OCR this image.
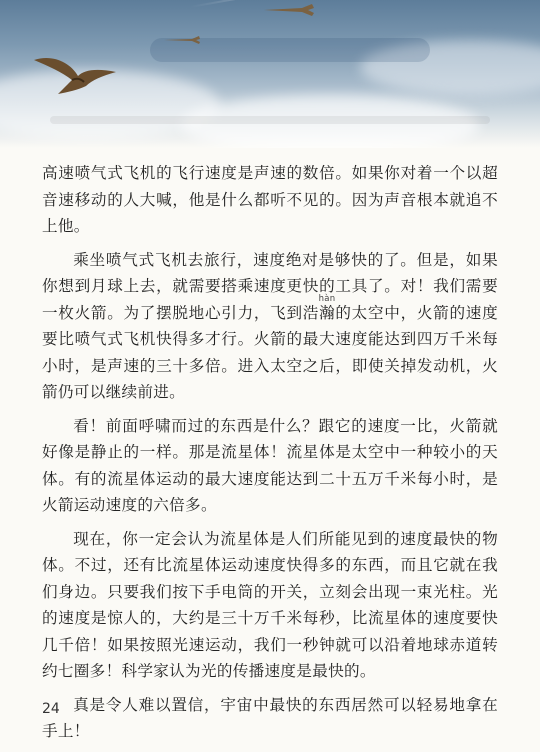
高速喷气式飞机的飞行速度是声速的数倍。如果你对着一个以超音速移动的人大喊，他是什么都听不见的。因为声音根本就追不上他。

乘坐喷气式飞机去旅行，速度绝对是够快的了。但是，如果你想到月球上去，就需要搭乘速度更快的工具了。对！我们需要一枚火箭。为了摆脱地心引力，飞到浩瀚hàn的太空中，火箭的速度要比喷气式飞机快得多才行。火箭的最大速度能达到四万千米每小时，是声速的三十多倍。进入太空之后，即使关掉发动机，火箭仍可以继续前进。

看！前面呼啸而过的东西是什么？跟它的速度一比，火箭就好像是静止的一样。那是流星体！流星体是太空中一种较小的天体。有的流星体运动的最大速度能达到二十五万千米每小时，是火箭运动速度的六倍多。

现在，你一定会认为流星体是人们所能见到的速度最快的物体。不过，还有比流星体运动速度快得多的东西，而且它就在我们身边。只要我们按下手电筒的开关，立刻会出现一束光柱。光的速度是惊人的，大约是三十万千米每秒，比流星体的速度要快几千倍！如果按照光速运动，我们一秒钟就可以沿着地球赤道转约七圈多！科学家认为光的传播速度是最快的。

真是令人难以置信，宇宙中最快的东西居然可以轻易地拿在手上！

24
